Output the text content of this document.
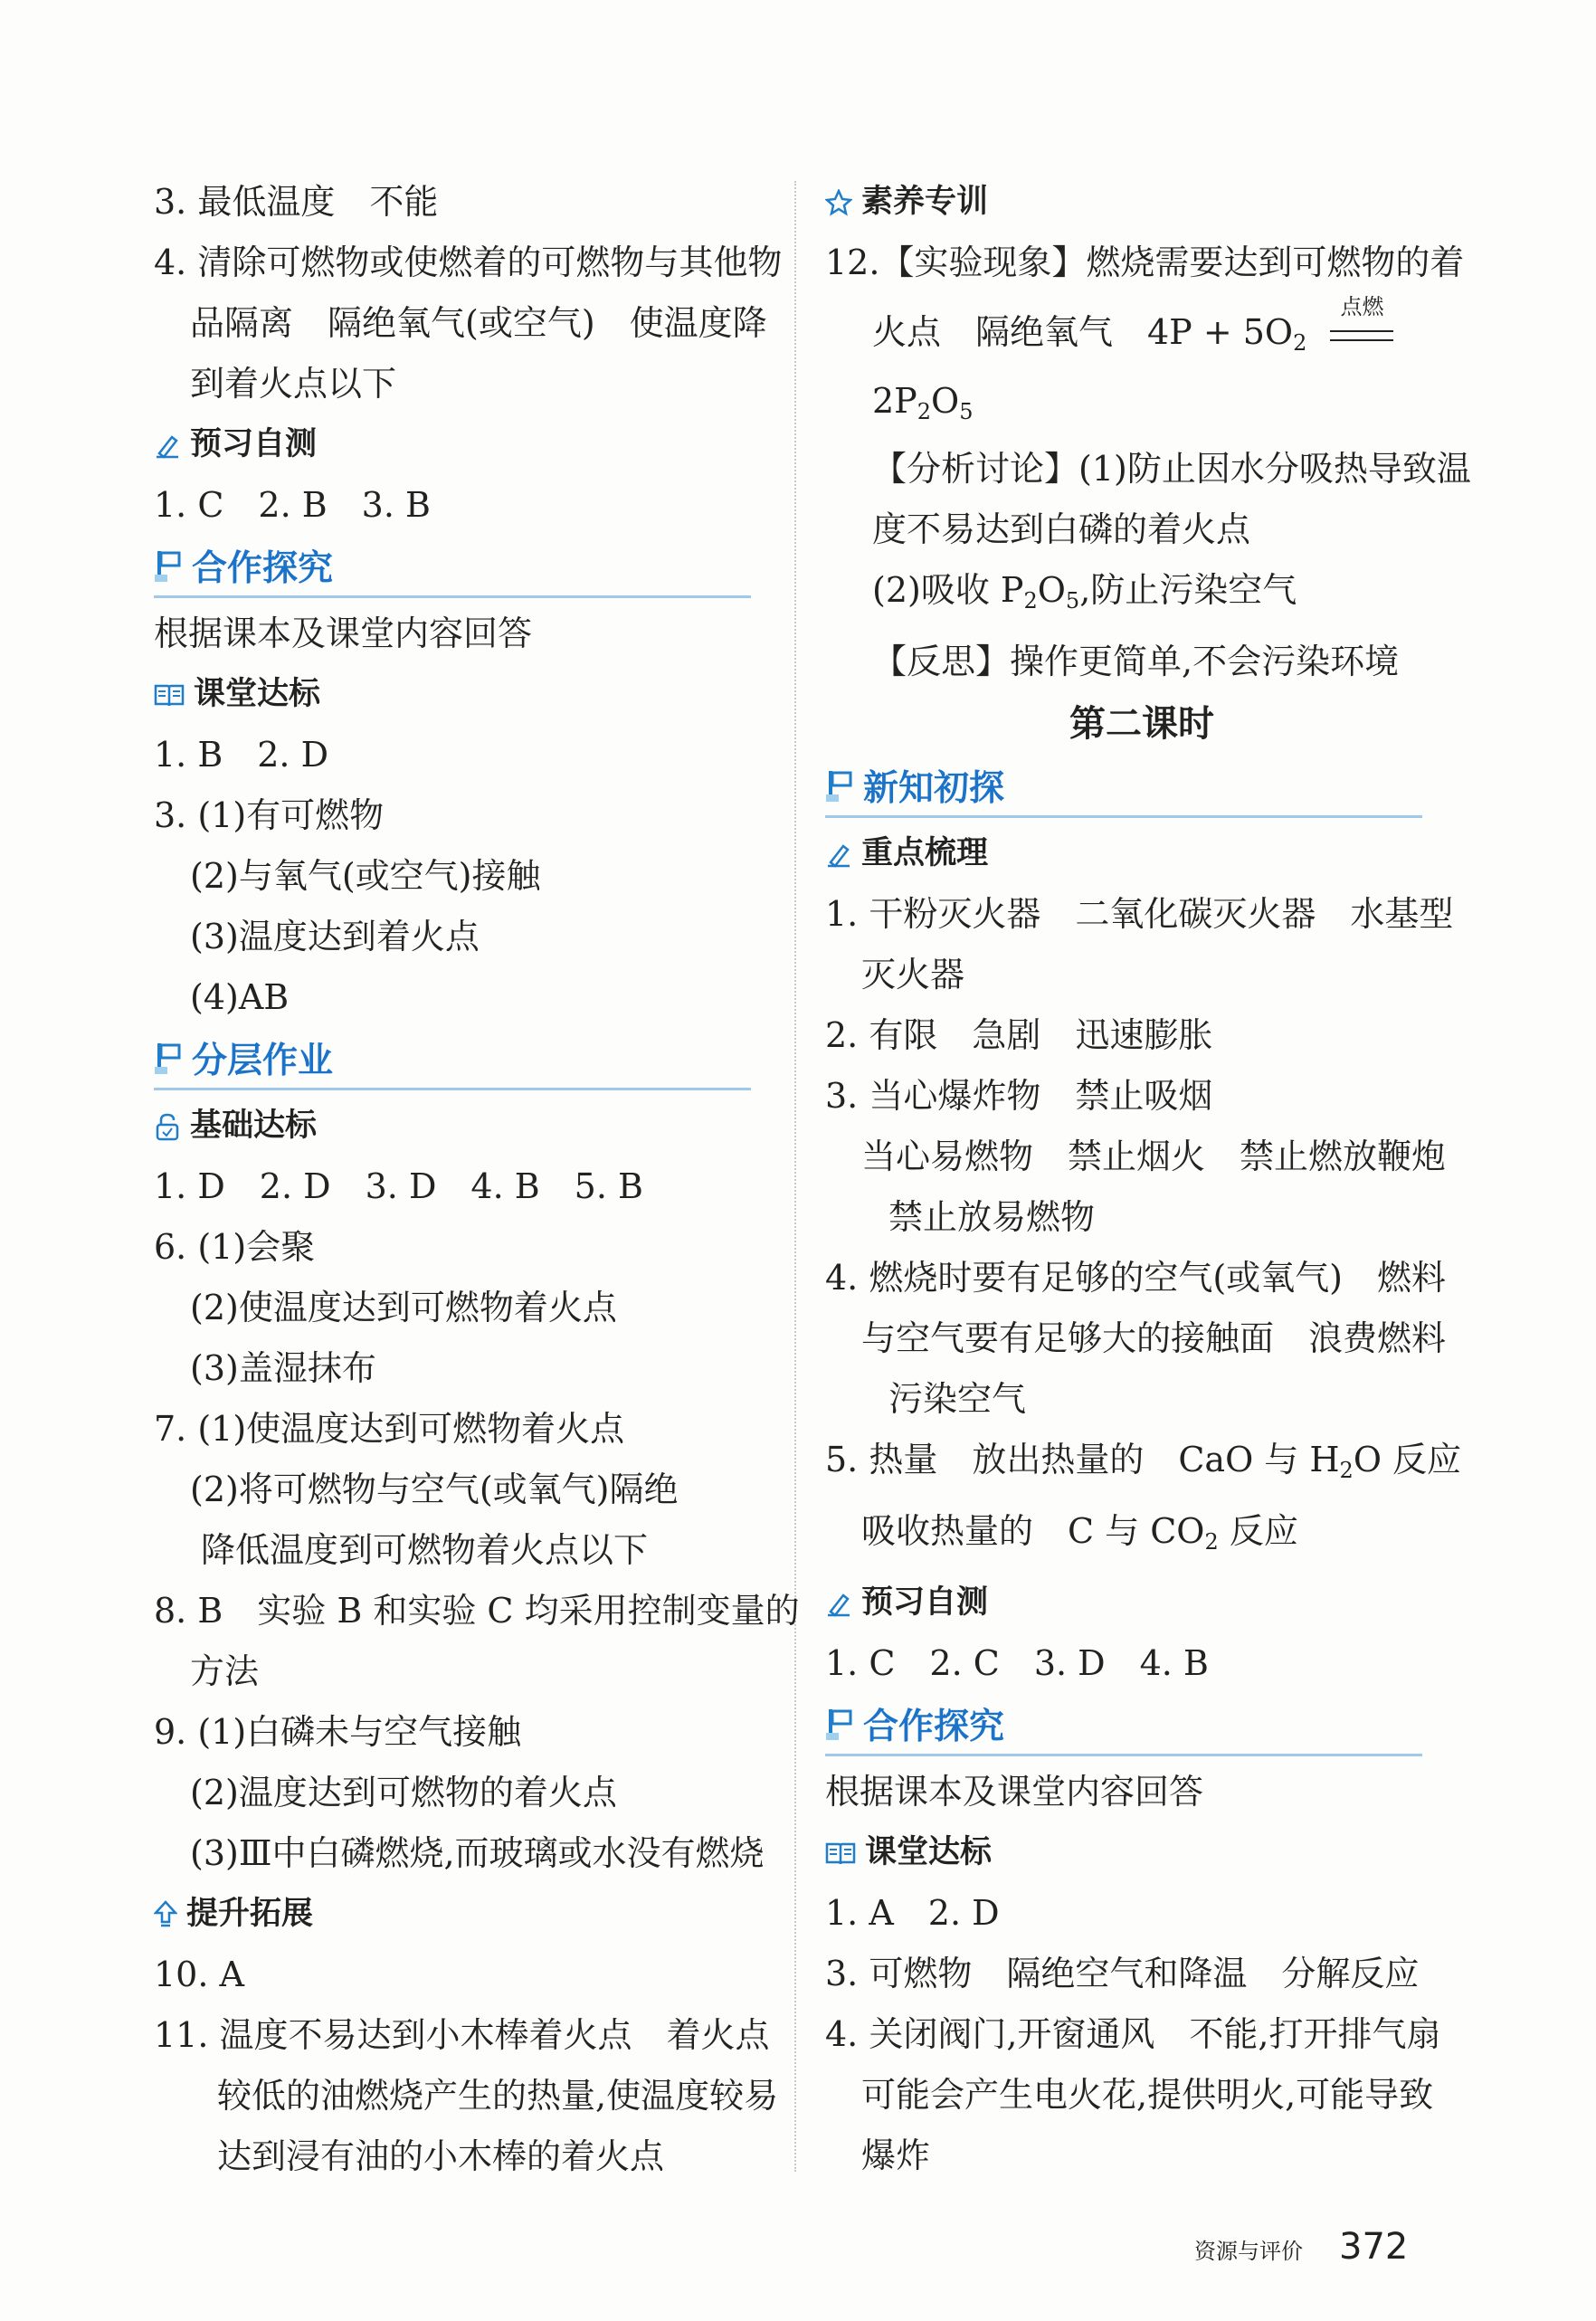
3. 最低温度　不能
4. 清除可燃物或使燃着的可燃物与其他物
品隔离　隔绝氧气(或空气)　使温度降
到着火点以下
预习自测
1. C　2. B　3. B
合作探究
根据课本及课堂内容回答
课堂达标
1. B　2. D
3. (1)有可燃物
(2)与氧气(或空气)接触
(3)温度达到着火点
(4)AB
分层作业
基础达标
1. D　2. D　3. D　4. B　5. B
6. (1)会聚
(2)使温度达到可燃物着火点
(3)盖湿抹布
7. (1)使温度达到可燃物着火点
(2)将可燃物与空气(或氧气)隔绝
降低温度到可燃物着火点以下
8. B　实验 B 和实验 C 均采用控制变量的
方法
9. (1)白磷未与空气接触
(2)温度达到可燃物的着火点
(3)Ⅲ中白磷燃烧,而玻璃或水没有燃烧
提升拓展
10. A
11. 温度不易达到小木棒着火点　着火点
较低的油燃烧产生的热量,使温度较易
达到浸有油的小木棒的着火点
素养专训
12.【实验现象】燃烧需要达到可燃物的着
火点　隔绝氧气　$4P + 5O_2$
点燃
$2P_2O_5$
【分析讨论】(1)防止因水分吸热导致温
度不易达到白磷的着火点
(2)吸收 $P_2O_5$,防止污染空气
【反思】操作更简单,不会污染环境
第二课时
新知初探
重点梳理
1. 干粉灭火器　二氧化碳灭火器　水基型
灭火器
2. 有限　急剧　迅速膨胀
3. 当心爆炸物　禁止吸烟
当心易燃物　禁止烟火　禁止燃放鞭炮
禁止放易燃物
4. 燃烧时要有足够的空气(或氧气)　燃料
与空气要有足够大的接触面　浪费燃料
污染空气
5. 热量　放出热量的　CaO 与 $H_2O$ 反应
吸收热量的　C 与 $CO_2$ 反应
预习自测
1. C　2. C　3. D　4. B
合作探究
根据课本及课堂内容回答
课堂达标
1. A　2. D
3. 可燃物　隔绝空气和降温　分解反应
4. 关闭阀门,开窗通风　不能,打开排气扇
可能会产生电火花,提供明火,可能导致
爆炸
资源与评价 372
